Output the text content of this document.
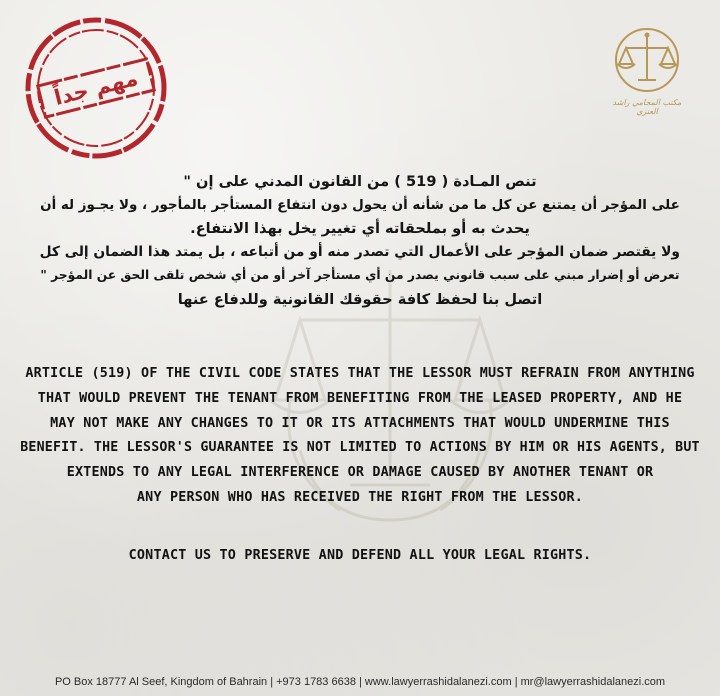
مهم جداً	مكتب المحامي راشد العنزي
تنص المـادة ( 519 ) من القانون المدني على إن "
على المؤجر أن يمتنع عن كل ما من شأنه أن يحول دون انتفاع المستأجر بالمأجور ، ولا يجـوز له أن
يحدث به أو بملحقاته أي تغيير يخل بهذا الانتفاع.
ولا يقتصر ضمان المؤجر على الأعمال التي تصدر منه أو من أتباعه ، بل يمتد هذا الضمان إلى كل
تعرض أو إضرار مبني على سبب قانوني يصدر من أي مستأجر آخر أو من أي شخص تلقى الحق عن المؤجر "
اتصل بنا لحفظ كافة حقوقك القانونية وللدفاع عنها
ARTICLE (519) OF THE CIVIL CODE STATES THAT THE LESSOR MUST REFRAIN FROM ANYTHING
THAT WOULD PREVENT THE TENANT FROM BENEFITING FROM THE LEASED PROPERTY, AND HE
MAY NOT MAKE ANY CHANGES TO IT OR ITS ATTACHMENTS THAT WOULD UNDERMINE THIS
BENEFIT. THE LESSOR'S GUARANTEE IS NOT LIMITED TO ACTIONS BY HIM OR HIS AGENTS, BUT
EXTENDS TO ANY LEGAL INTERFERENCE OR DAMAGE CAUSED BY ANOTHER TENANT OR
ANY PERSON WHO HAS RECEIVED THE RIGHT FROM THE LESSOR.
CONTACT US TO PRESERVE AND DEFEND ALL YOUR LEGAL RIGHTS.
PO Box 18777 Al Seef, Kingdom of Bahrain | +973 1783 6638 | www.lawyerrashidalanezi.com | mr@lawyerrashidalanezi.com
